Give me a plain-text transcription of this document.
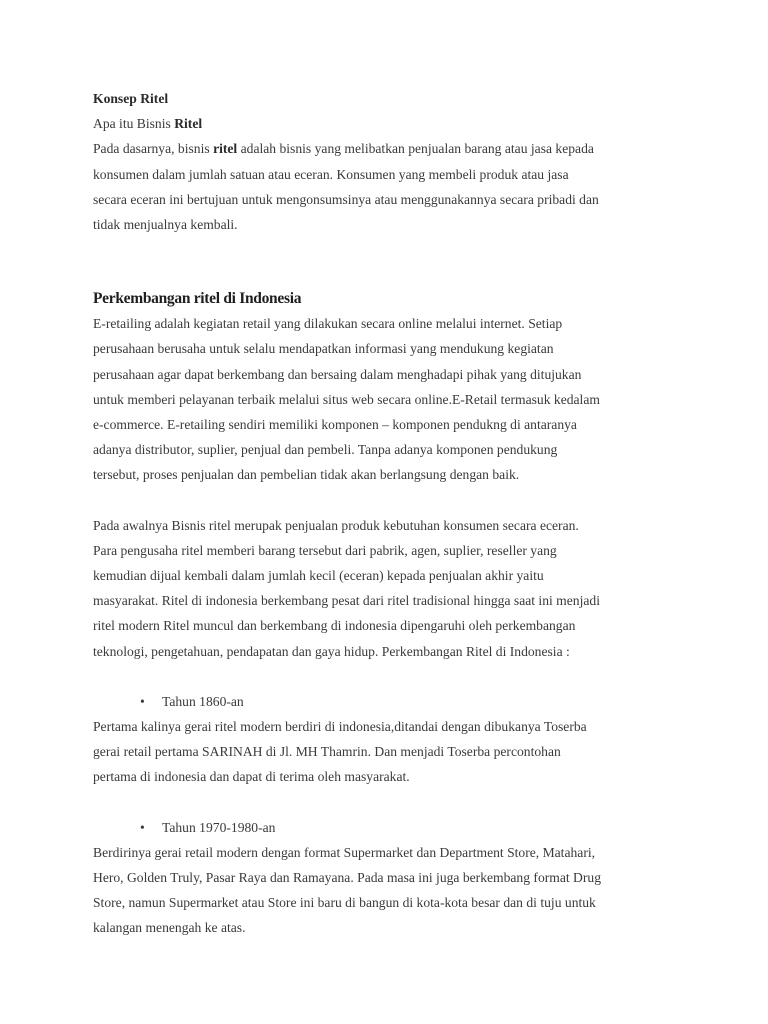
Konsep Ritel
Apa itu Bisnis Ritel
Pada dasarnya, bisnis ritel adalah bisnis yang melibatkan penjualan barang atau jasa kepada
konsumen dalam jumlah satuan atau eceran. Konsumen yang membeli produk atau jasa
secara eceran ini bertujuan untuk mengonsumsinya atau menggunakannya secara pribadi dan
tidak menjualnya kembali.
Perkembangan ritel di Indonesia
E-retailing adalah kegiatan retail yang dilakukan secara online melalui internet. Setiap
perusahaan berusaha untuk selalu mendapatkan informasi yang mendukung kegiatan
perusahaan agar dapat berkembang dan bersaing dalam menghadapi pihak yang ditujukan
untuk memberi pelayanan terbaik melalui situs web secara online.E-Retail termasuk kedalam
e-commerce. E-retailing sendiri memiliki komponen – komponen pendukng di antaranya
adanya distributor, suplier, penjual dan pembeli. Tanpa adanya komponen pendukung
tersebut, proses penjualan dan pembelian tidak akan berlangsung dengan baik.
Pada awalnya Bisnis ritel merupak penjualan produk kebutuhan konsumen secara eceran.
Para pengusaha ritel memberi barang tersebut dari pabrik, agen, suplier, reseller yang
kemudian dijual kembali dalam jumlah kecil (eceran) kepada penjualan akhir yaitu
masyarakat. Ritel di indonesia berkembang pesat dari ritel tradisional hingga saat ini menjadi
ritel modern Ritel muncul dan berkembang di indonesia dipengaruhi oleh perkembangan
teknologi, pengetahuan, pendapatan dan gaya hidup. Perkembangan Ritel di Indonesia :
• Tahun 1860-an
Pertama kalinya gerai ritel modern berdiri di indonesia,ditandai dengan dibukanya Toserba
gerai retail pertama SARINAH di Jl. MH Thamrin. Dan menjadi Toserba percontohan
pertama di indonesia dan dapat di terima oleh masyarakat.
• Tahun 1970-1980-an
Berdirinya gerai retail modern dengan format Supermarket dan Department Store, Matahari,
Hero, Golden Truly, Pasar Raya dan Ramayana. Pada masa ini juga berkembang format Drug
Store, namun Supermarket atau Store ini baru di bangun di kota-kota besar dan di tuju untuk
kalangan menengah ke atas.
